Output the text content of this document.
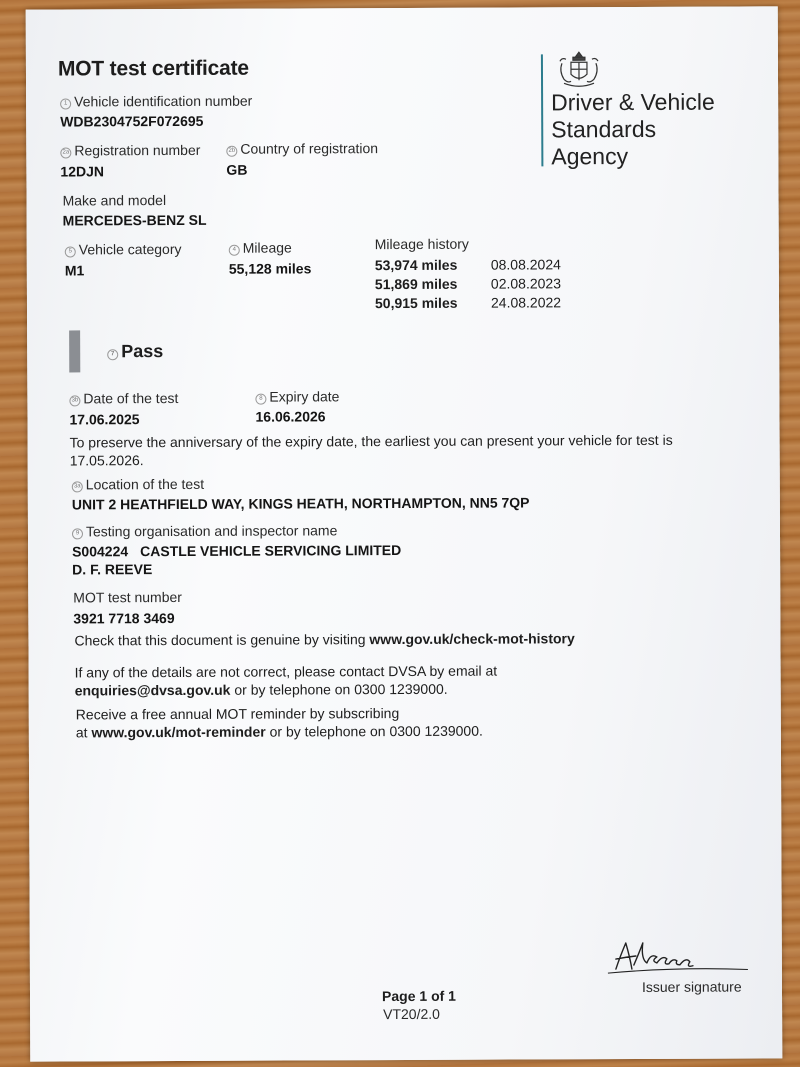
MOT test certificate
Driver & Vehicle
Standards
Agency
1 Vehicle identification number
WDB2304752F072695
2a Registration number
12DJN
2b Country of registration
GB
Make and model
MERCEDES-BENZ SL
5 Vehicle category
M1
4 Mileage
55,128 miles
Mileage history
53,974 miles 08.08.2024
51,869 miles 02.08.2023
50,915 miles 24.08.2022
7 Pass
3b Date of the test
17.06.2025
8 Expiry date
16.06.2026
To preserve the anniversary of the expiry date, the earliest you can present your vehicle for test is
17.05.2026.
3a Location of the test
UNIT 2 HEATHFIELD WAY, KINGS HEATH, NORTHAMPTON, NN5 7QP
9 Testing organisation and inspector name
S004224 CASTLE VEHICLE SERVICING LIMITED
D. F. REEVE
MOT test number
3921 7718 3469
Check that this document is genuine by visiting www.gov.uk/check-mot-history
If any of the details are not correct, please contact DVSA by email at
enquiries@dvsa.gov.uk or by telephone on 0300 1239000.
Receive a free annual MOT reminder by subscribing
at www.gov.uk/mot-reminder or by telephone on 0300 1239000.
Issuer signature
Page 1 of 1
VT20/2.0
